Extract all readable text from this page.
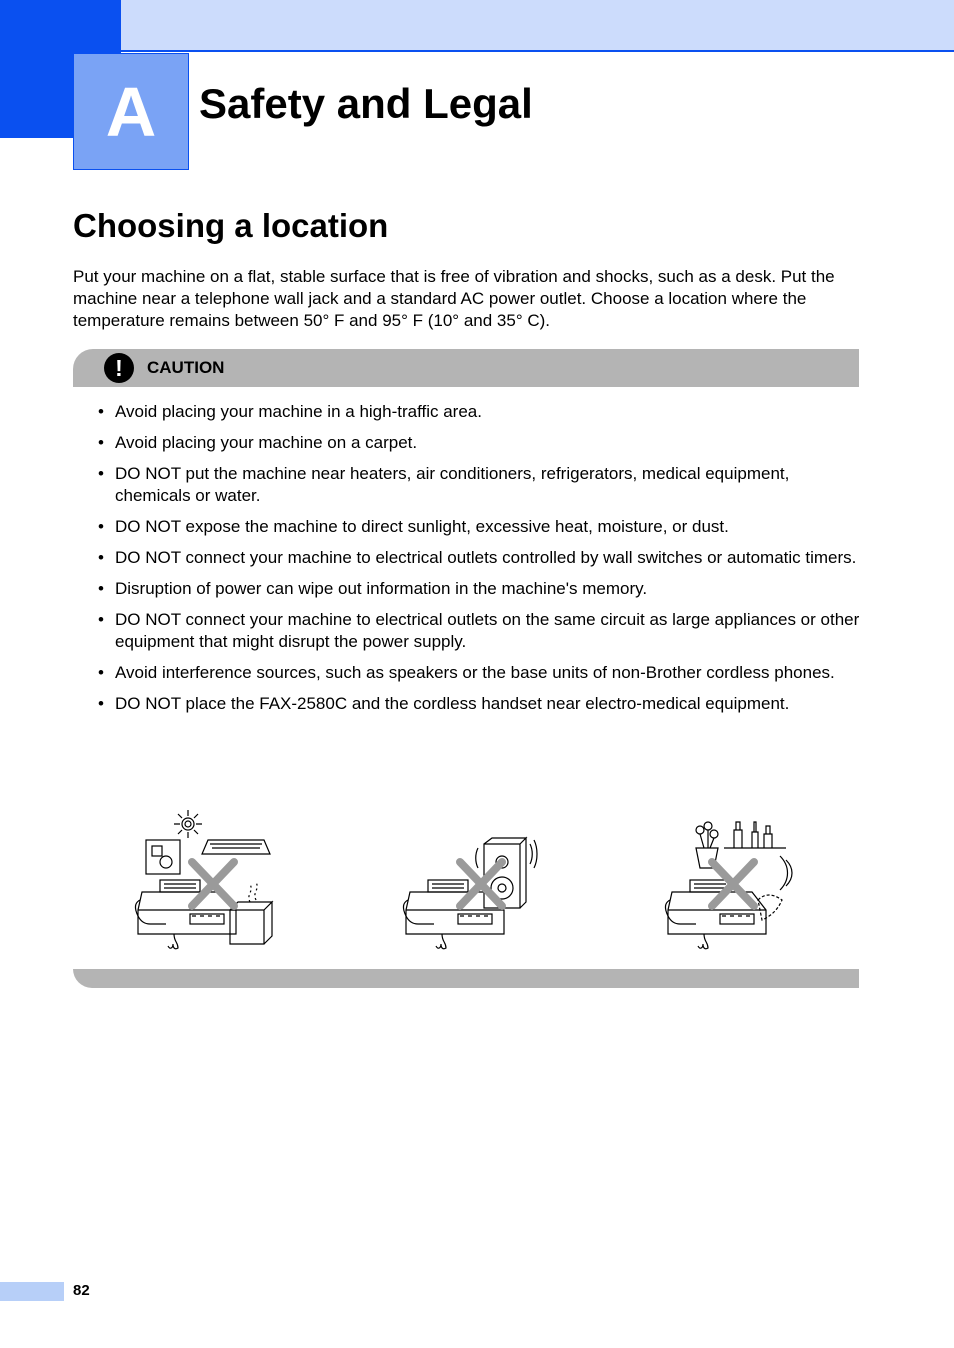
A Safety and Legal
Choosing a location

Put your machine on a flat, stable surface that is free of vibration and shocks, such as a desk. Put the machine near a telephone wall jack and a standard AC power outlet. Choose a location where the temperature remains between 50° F and 95° F (10° and 35° C).

!	CAUTION
• Avoid placing your machine in a high-traffic area.
• Avoid placing your machine on a carpet.
• DO NOT put the machine near heaters, air conditioners, refrigerators, medical equipment, chemicals or water.
• DO NOT expose the machine to direct sunlight, excessive heat, moisture, or dust.
• DO NOT connect your machine to electrical outlets controlled by wall switches or automatic timers.
• Disruption of power can wipe out information in the machine's memory.
• DO NOT connect your machine to electrical outlets on the same circuit as large appliances or other equipment that might disrupt the power supply.
• Avoid interference sources, such as speakers or the base units of non-Brother cordless phones.
• DO NOT place the FAX-2580C and the cordless handset near electro-medical equipment.
82
